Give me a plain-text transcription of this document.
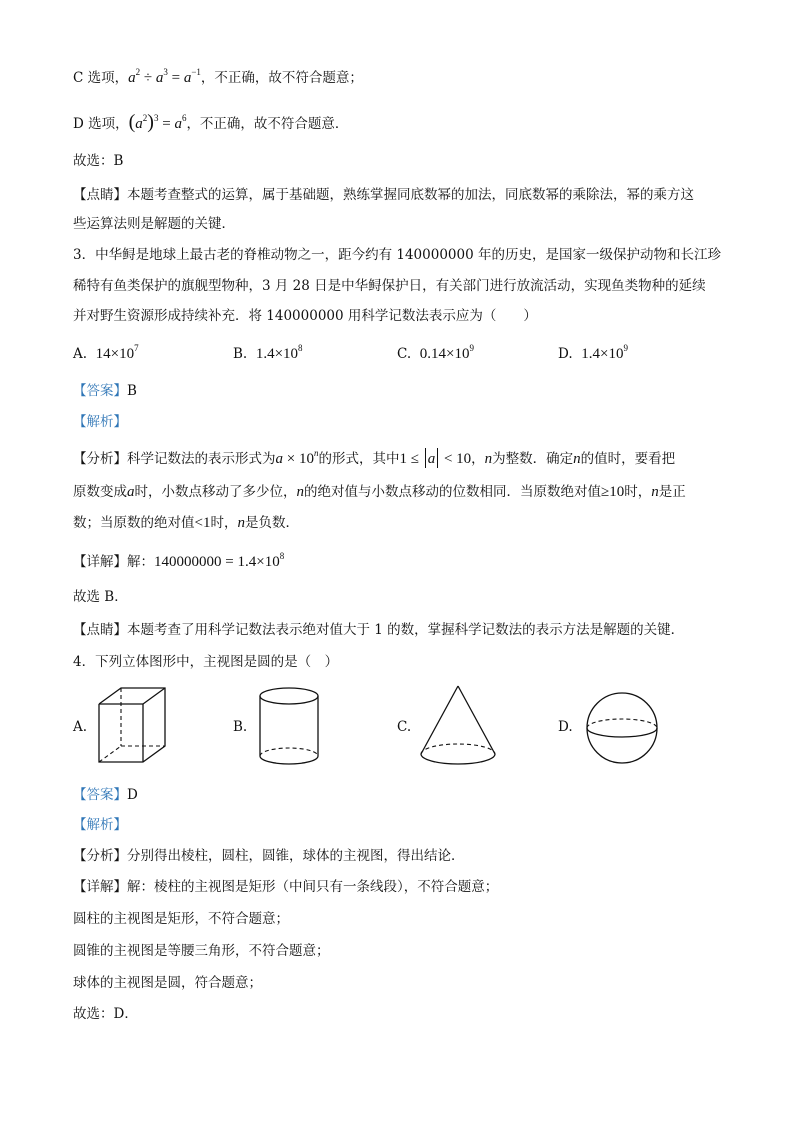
C 选项，$a^2 \div a^3 = a^{-1}$，不正确，故不符合题意；
D 选项，$(a^2)^3 = a^6$，不正确，故不符合题意．
故选：B
【点睛】本题考查整式的运算，属于基础题，熟练掌握同底数幂的加法，同底数幂的乘除法，幂的乘方这
些运算法则是解题的关键．
3．中华鲟是地球上最古老的脊椎动物之一，距今约有 140000000 年的历史，是国家一级保护动物和长江珍
稀特有鱼类保护的旗舰型物种，3 月 28 日是中华鲟保护日，有关部门进行放流活动，实现鱼类物种的延续
并对野生资源形成持续补充．将 140000000 用科学记数法表示应为（　　）
A. $14\times 10^7$	B. $1.4\times 10^8$	C. $0.14\times 10^9$	D. $1.4\times 10^9$
【答案】B
【解析】
【分析】科学记数法的表示形式为$a \times 10^n$的形式，其中1 ≤ a < 10，n为整数．确定n的值时，要看把
原数变成a时，小数点移动了多少位，n的绝对值与小数点移动的位数相同．当原数绝对值≥10时，n是正
数；当原数的绝对值<1时，n是负数．
【详解】解：$140000000 = 1.4\times 10^8$
故选 B．
【点睛】本题考查了用科学记数法表示绝对值大于 1 的数，掌握科学记数法的表示方法是解题的关键．
4．下列立体图形中，主视图是圆的是（　）
A.	B.	C.	D.
【答案】D
【解析】
【分析】分别得出棱柱，圆柱，圆锥，球体的主视图，得出结论．
【详解】解：棱柱的主视图是矩形（中间只有一条线段），不符合题意；
圆柱的主视图是矩形，不符合题意；
圆锥的主视图是等腰三角形，不符合题意；
球体的主视图是圆，符合题意；
故选：D．
